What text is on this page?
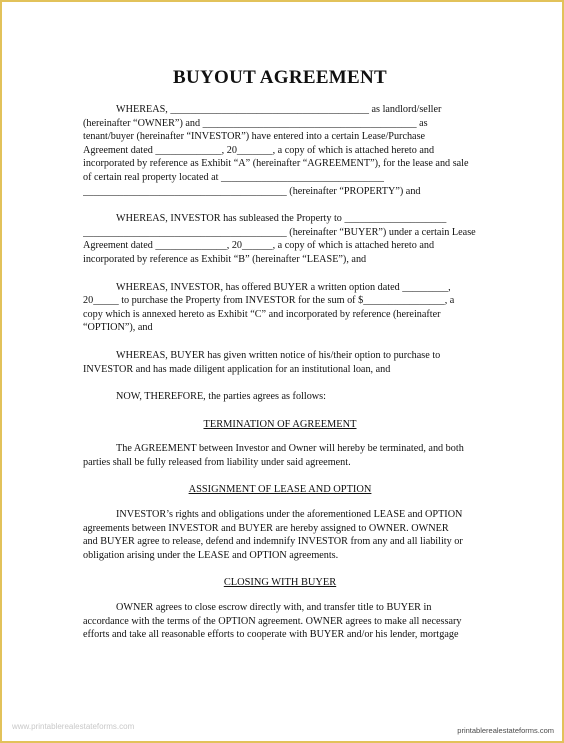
BUYOUT AGREEMENT
WHEREAS, _______________________________________ as landlord/seller
(hereinafter “OWNER”) and __________________________________________ as
tenant/buyer (hereinafter “INVESTOR”) have entered into a certain Lease/Purchase
Agreement dated _____________, 20_______, a copy of which is attached hereto and
incorporated by reference as Exhibit “A” (hereinafter “AGREEMENT”), for the lease and sale
of certain real property located at ________________________________
________________________________________ (hereinafter “PROPERTY”) and
WHEREAS, INVESTOR has subleased the Property to ____________________
________________________________________ (hereinafter “BUYER”) under a certain Lease
Agreement dated ______________, 20______, a copy of which is attached hereto and
incorporated by reference as Exhibit “B” (hereinafter “LEASE”), and
WHEREAS, INVESTOR, has offered BUYER a written option dated _________,
20_____ to purchase the Property from INVESTOR for the sum of $________________, a
copy which is annexed hereto as Exhibit “C” and incorporated by reference (hereinafter
“OPTION”), and
WHEREAS, BUYER has given written notice of his/their option to purchase to
INVESTOR and has made diligent application for an institutional loan, and
NOW, THEREFORE, the parties agrees as follows:
TERMINATION OF AGREEMENT
The AGREEMENT between Investor and Owner will hereby be terminated, and both
parties shall be fully released from liability under said agreement.
ASSIGNMENT OF LEASE AND OPTION
INVESTOR’s rights and obligations under the aforementioned LEASE and OPTION
agreements between INVESTOR and BUYER are hereby assigned to OWNER. OWNER
and BUYER agree to release, defend and indemnify INVESTOR from any and all liability or
obligation arising under the LEASE and OPTION agreements.
CLOSING WITH BUYER
OWNER agrees to close escrow directly with, and transfer title to BUYER in
accordance with the terms of the OPTION agreement. OWNER agrees to make all necessary
efforts and take all reasonable efforts to cooperate with BUYER and/or his lender, mortgage
www.printablerealestateforms.com	printablerealestateforms.com
